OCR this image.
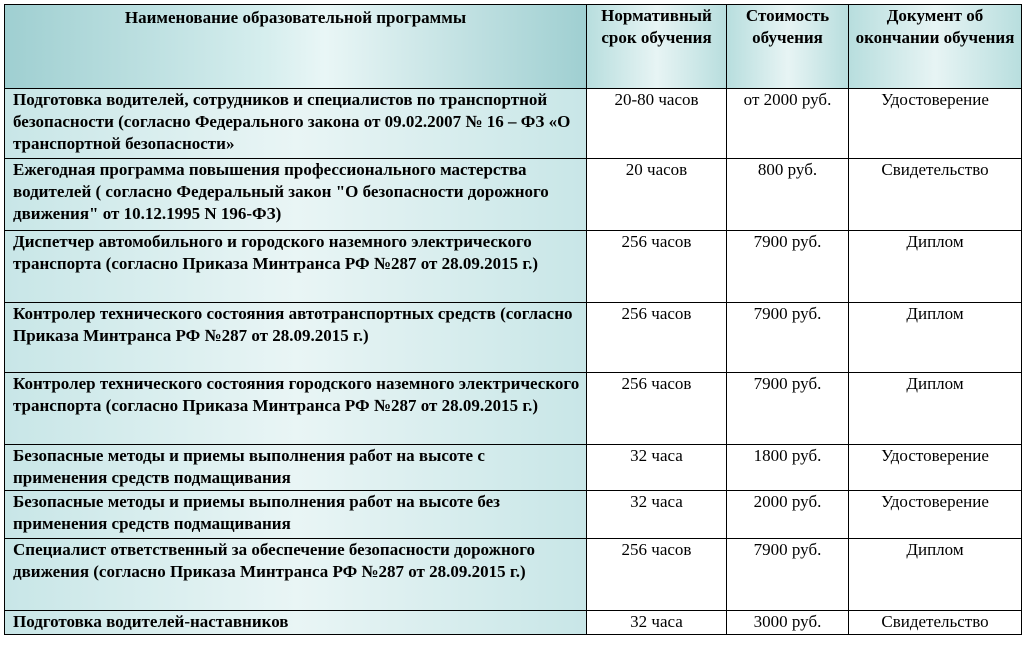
Наименование образовательной программы	Нормативный срок обучения	Стоимость обучения	Документ об окончании обучения
Подготовка водителей, сотрудников и специалистов по транспортной безопасности (согласно Федерального закона от 09.02.2007 № 16 – ФЗ «О транспортной безопасности»	20-80 часов	от 2000 руб.	Удостоверение
Ежегодная программа повышения профессионального мастерства водителей ( согласно Федеральный закон "О безопасности дорожного движения" от 10.12.1995 N 196-ФЗ)	20 часов	800 руб.	Свидетельство
Диспетчер автомобильного и городского наземного электрического транспорта (согласно Приказа Минтранса РФ №287 от 28.09.2015 г.)	256 часов	7900 руб.	Диплом
Контролер технического состояния автотранспортных средств (согласно Приказа Минтранса РФ №287 от 28.09.2015 г.)	256 часов	7900 руб.	Диплом
Контролер технического состояния городского наземного электрического транспорта (согласно Приказа Минтранса РФ №287 от 28.09.2015 г.)	256 часов	7900 руб.	Диплом
Безопасные методы и приемы выполнения работ на высоте с применения средств подмащивания	32 часа	1800 руб.	Удостоверение
Безопасные методы и приемы выполнения работ на высоте без применения средств подмащивания	32 часа	2000 руб.	Удостоверение
Специалист ответственный за обеспечение безопасности дорожного движения (согласно Приказа Минтранса РФ №287 от 28.09.2015 г.)	256 часов	7900 руб.	Диплом
Подготовка водителей-наставников	32 часа	3000 руб.	Свидетельство
